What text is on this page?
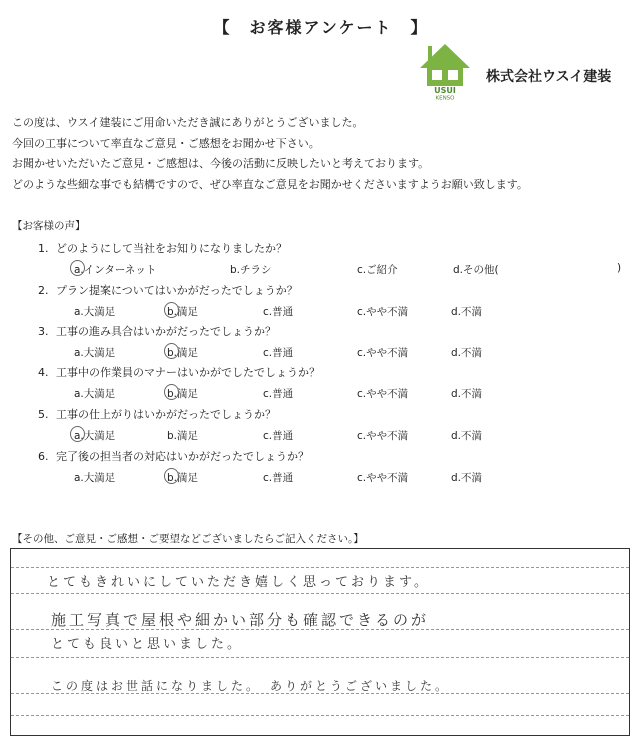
【 お客様アンケート 】
USUI
KENSO
株式会社ウスイ建装
この度は、ウスイ建装にご用命いただき誠にありがとうございました。
今回の工事について率直なご意見・ご感想をお聞かせ下さい。
お聞かせいただいたご意見・ご感想は、今後の活動に反映したいと考えております。
どのような些細な事でも結構ですので、ぜひ率直なご意見をお聞かせくださいますようお願い致します。
【お客様の声】
1. どのようにして当社をお知りになりましたか？
a.インターネット	b.チラシ	c.ご紹介	d.その他(	)
2. プラン提案についてはいかがだったでしょうか？
a.大満足	b.満足	c.普通	c.やや不満	d.不満
3. 工事の進み具合はいかがだったでしょうか？
a.大満足	b.満足	c.普通	c.やや不満	d.不満
4. 工事中の作業員のマナーはいかがでしたでしょうか？
a.大満足	b.満足	c.普通	c.やや不満	d.不満
5. 工事の仕上がりはいかがだったでしょうか？
a.大満足	b.満足	c.普通	c.やや不満	d.不満
6. 完了後の担当者の対応はいかがだったでしょうか？
a.大満足	b.満足	c.普通	c.やや不満	d.不満
【その他、ご意見・ご感想・ご要望などございましたらご記入ください。】
とてもきれいにしていただき嬉しく思っております。
施工写真で屋根や細かい部分も確認できるのが
とても良いと思いました。
この度はお世話になりました。　ありがとうございました。
